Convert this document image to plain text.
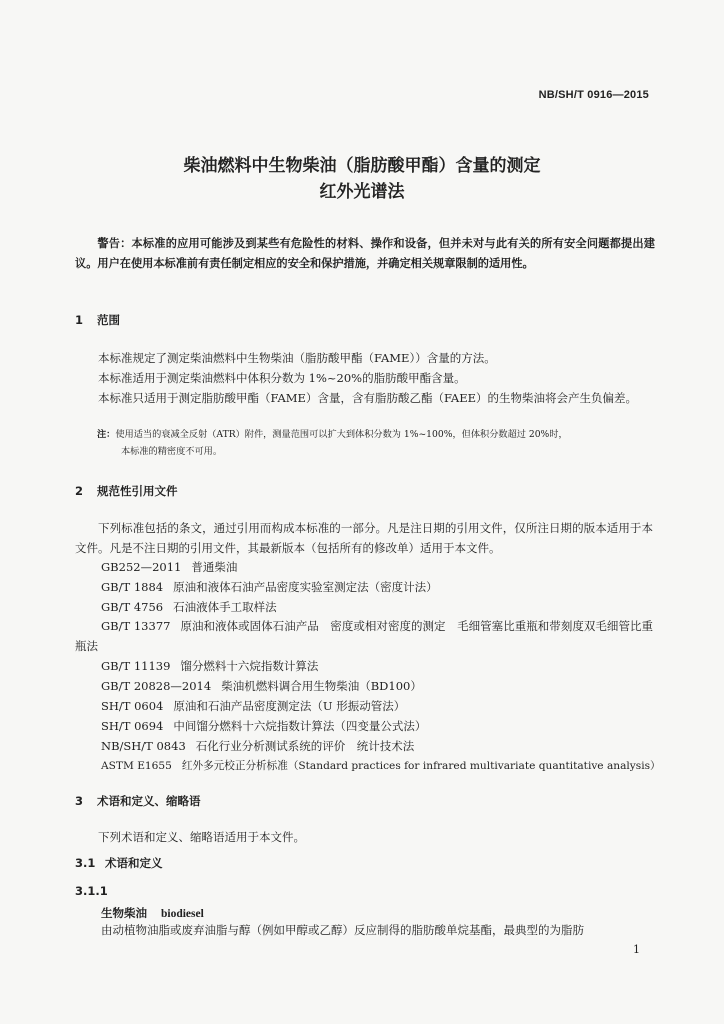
NB/SH/T 0916—2015
柴油燃料中生物柴油（脂肪酸甲酯）含量的测定
红外光谱法
警告：本标准的应用可能涉及到某些有危险性的材料、操作和设备，但并未对与此有关的所有安全问题都提出建议。用户在使用本标准前有责任制定相应的安全和保护措施，并确定相关规章限制的适用性。
1 范围
本标准规定了测定柴油燃料中生物柴油（脂肪酸甲酯（FAME））含量的方法。
本标准适用于测定柴油燃料中体积分数为 1%~20%的脂肪酸甲酯含量。
本标准只适用于测定脂肪酸甲酯（FAME）含量，含有脂肪酸乙酯（FAEE）的生物柴油将会产生负偏差。
注：使用适当的衰减全反射（ATR）附件，测量范围可以扩大到体积分数为 1%~100%，但体积分数超过 20%时，
本标准的精密度不可用。
2 规范性引用文件
下列标准包括的条文，通过引用而构成本标准的一部分。凡是注日期的引用文件，仅所注日期的版本适用于本文件。凡是不注日期的引用文件，其最新版本（包括所有的修改单）适用于本文件。
GB252—2011 普通柴油
GB/T 1884 原油和液体石油产品密度实验室测定法（密度计法）
GB/T 4756 石油液体手工取样法
GB/T 13377 原油和液体或固体石油产品　密度或相对密度的测定　毛细管塞比重瓶和带刻度双毛细管比重瓶法
GB/T 11139 馏分燃料十六烷指数计算法
GB/T 20828—2014 柴油机燃料调合用生物柴油（BD100）
SH/T 0604 原油和石油产品密度测定法（U 形振动管法）
SH/T 0694 中间馏分燃料十六烷指数计算法（四变量公式法）
NB/SH/T 0843 石化行业分析测试系统的评价　统计技术法
ASTM E1655 红外多元校正分析标准（Standard practices for infrared multivariate quantitative analysis）
3 术语和定义、缩略语
下列术语和定义、缩略语适用于本文件。
3.1 术语和定义
3.1.1
生物柴油 biodiesel
由动植物油脂或废弃油脂与醇（例如甲醇或乙醇）反应制得的脂肪酸单烷基酯，最典型的为脂肪
1
